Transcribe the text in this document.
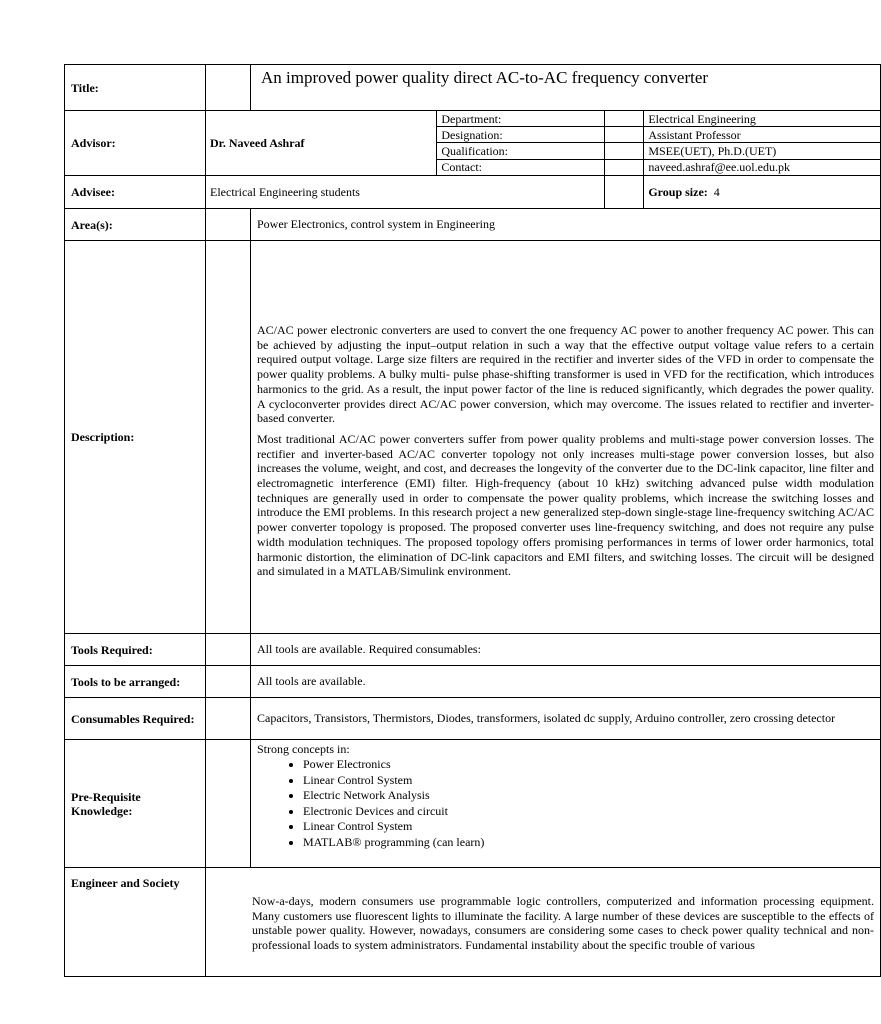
Title:		An improved power quality direct AC-to-AC frequency converter
Advisor:		Dr. Naveed Ashraf	Department:		Electrical Engineering
Designation:		Assistant Professor
Qualification:		MSEE(UET), Ph.D.(UET)
Contact:		naveed.ashraf@ee.uol.edu.pk

Advisee:		Electrical Engineering students		Group size: 4

Area(s):		Power Electronics, control system in Engineering
Description:		

AC/AC power electronic converters are used to convert the one frequency AC power to another frequency AC power. This can be achieved by adjusting the input–output relation in such a way that the effective output voltage value refers to a certain required output voltage. Large size filters are required in the rectifier and inverter sides of the VFD in order to compensate the power quality problems. A bulky multi- pulse phase-shifting transformer is used in VFD for the rectification, which introduces harmonics to the grid. As a result, the input power factor of the line is reduced significantly, which degrades the power quality. A cycloconverter provides direct AC/AC power conversion, which may overcome. The issues related to rectifier and inverter-based converter.

Most traditional AC/AC power converters suffer from power quality problems and multi-stage power conversion losses. The rectifier and inverter-based AC/AC converter topology not only increases multi-stage power conversion losses, but also increases the volume, weight, and cost, and decreases the longevity of the converter due to the DC-link capacitor, line filter and electromagnetic interference (EMI) filter. High-frequency (about 10 kHz) switching advanced pulse width modulation techniques are generally used in order to compensate the power quality problems, which increase the switching losses and introduce the EMI problems. In this research project a new generalized step-down single-stage line-frequency switching AC/AC power converter topology is proposed. The proposed converter uses line-frequency switching, and does not require any pulse width modulation techniques. The proposed topology offers promising performances in terms of lower order harmonics, total harmonic distortion, the elimination of DC-link capacitors and EMI filters, and switching losses. The circuit will be designed and simulated in a MATLAB/Simulink environment.

Tools Required:		All tools are available. Required consumables:
Tools to be arranged:		All tools are available.
Consumables Required:		Capacitors, Transistors, Thermistors, Diodes, transformers, isolated dc supply, Arduino controller, zero crossing detector
Pre-Requisite Knowledge:		
Strong concepts in:
• Power Electronics
• Linear Control System
• Electric Network Analysis
• Electronic Devices and circuit
• Linear Control System
• MATLAB® programming (can learn)

Engineer and Society	
Now-a-days, modern consumers use programmable logic controllers, computerized and information processing equipment. Many customers use fluorescent lights to illuminate the facility. A large number of these devices are susceptible to the effects of unstable power quality. However, nowadays, consumers are considering some cases to check power quality technical and non-professional loads to system administrators. Fundamental instability about the specific trouble of various
